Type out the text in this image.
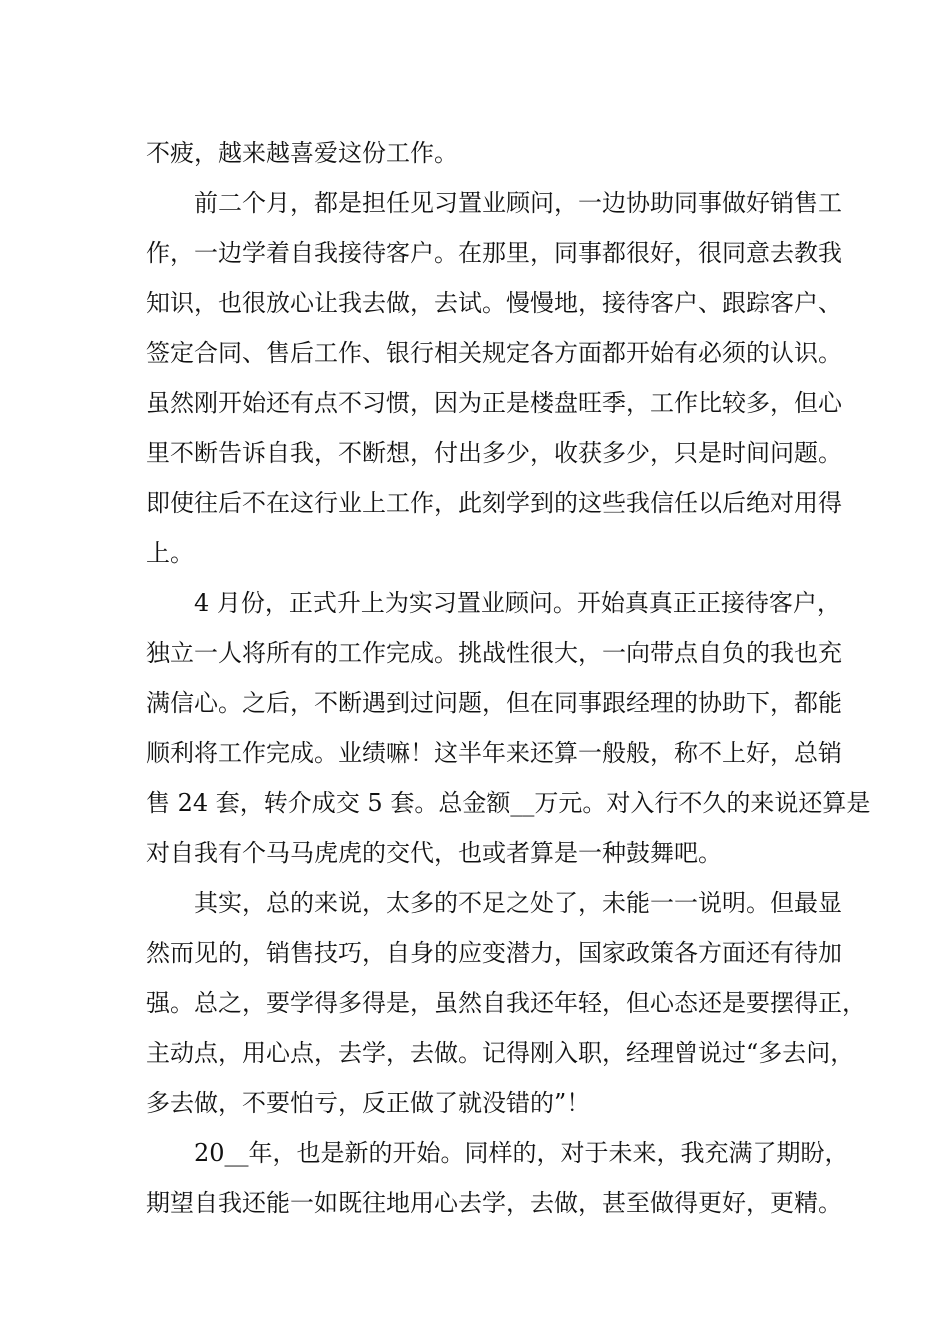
不疲，越来越喜爱这份工作。
前二个月，都是担任见习置业顾问，一边协助同事做好销售工
作，一边学着自我接待客户。在那里，同事都很好，很同意去教我
知识，也很放心让我去做，去试。慢慢地，接待客户、跟踪客户、
签定合同、售后工作、银行相关规定各方面都开始有必须的认识。
虽然刚开始还有点不习惯，因为正是楼盘旺季，工作比较多，但心
里不断告诉自我，不断想，付出多少，收获多少，只是时间问题。
即使往后不在这行业上工作，此刻学到的这些我信任以后绝对用得
上。
4 月份，正式升上为实习置业顾问。开始真真正正接待客户，
独立一人将所有的工作完成。挑战性很大，一向带点自负的我也充
满信心。之后，不断遇到过问题，但在同事跟经理的协助下，都能
顺利将工作完成。业绩嘛！这半年来还算一般般，称不上好，总销
售 24 套，转介成交 5 套。总金额__万元。对入行不久的来说还算是
对自我有个马马虎虎的交代，也或者算是一种鼓舞吧。
其实，总的来说，太多的不足之处了，未能一一说明。但最显
然而见的，销售技巧，自身的应变潜力，国家政策各方面还有待加
强。总之，要学得多得是，虽然自我还年轻，但心态还是要摆得正，
主动点，用心点，去学，去做。记得刚入职，经理曾说过“多去问，
多去做，不要怕亏，反正做了就没错的”！
20__年，也是新的开始。同样的，对于未来，我充满了期盼，
期望自我还能一如既往地用心去学，去做，甚至做得更好，更精。
